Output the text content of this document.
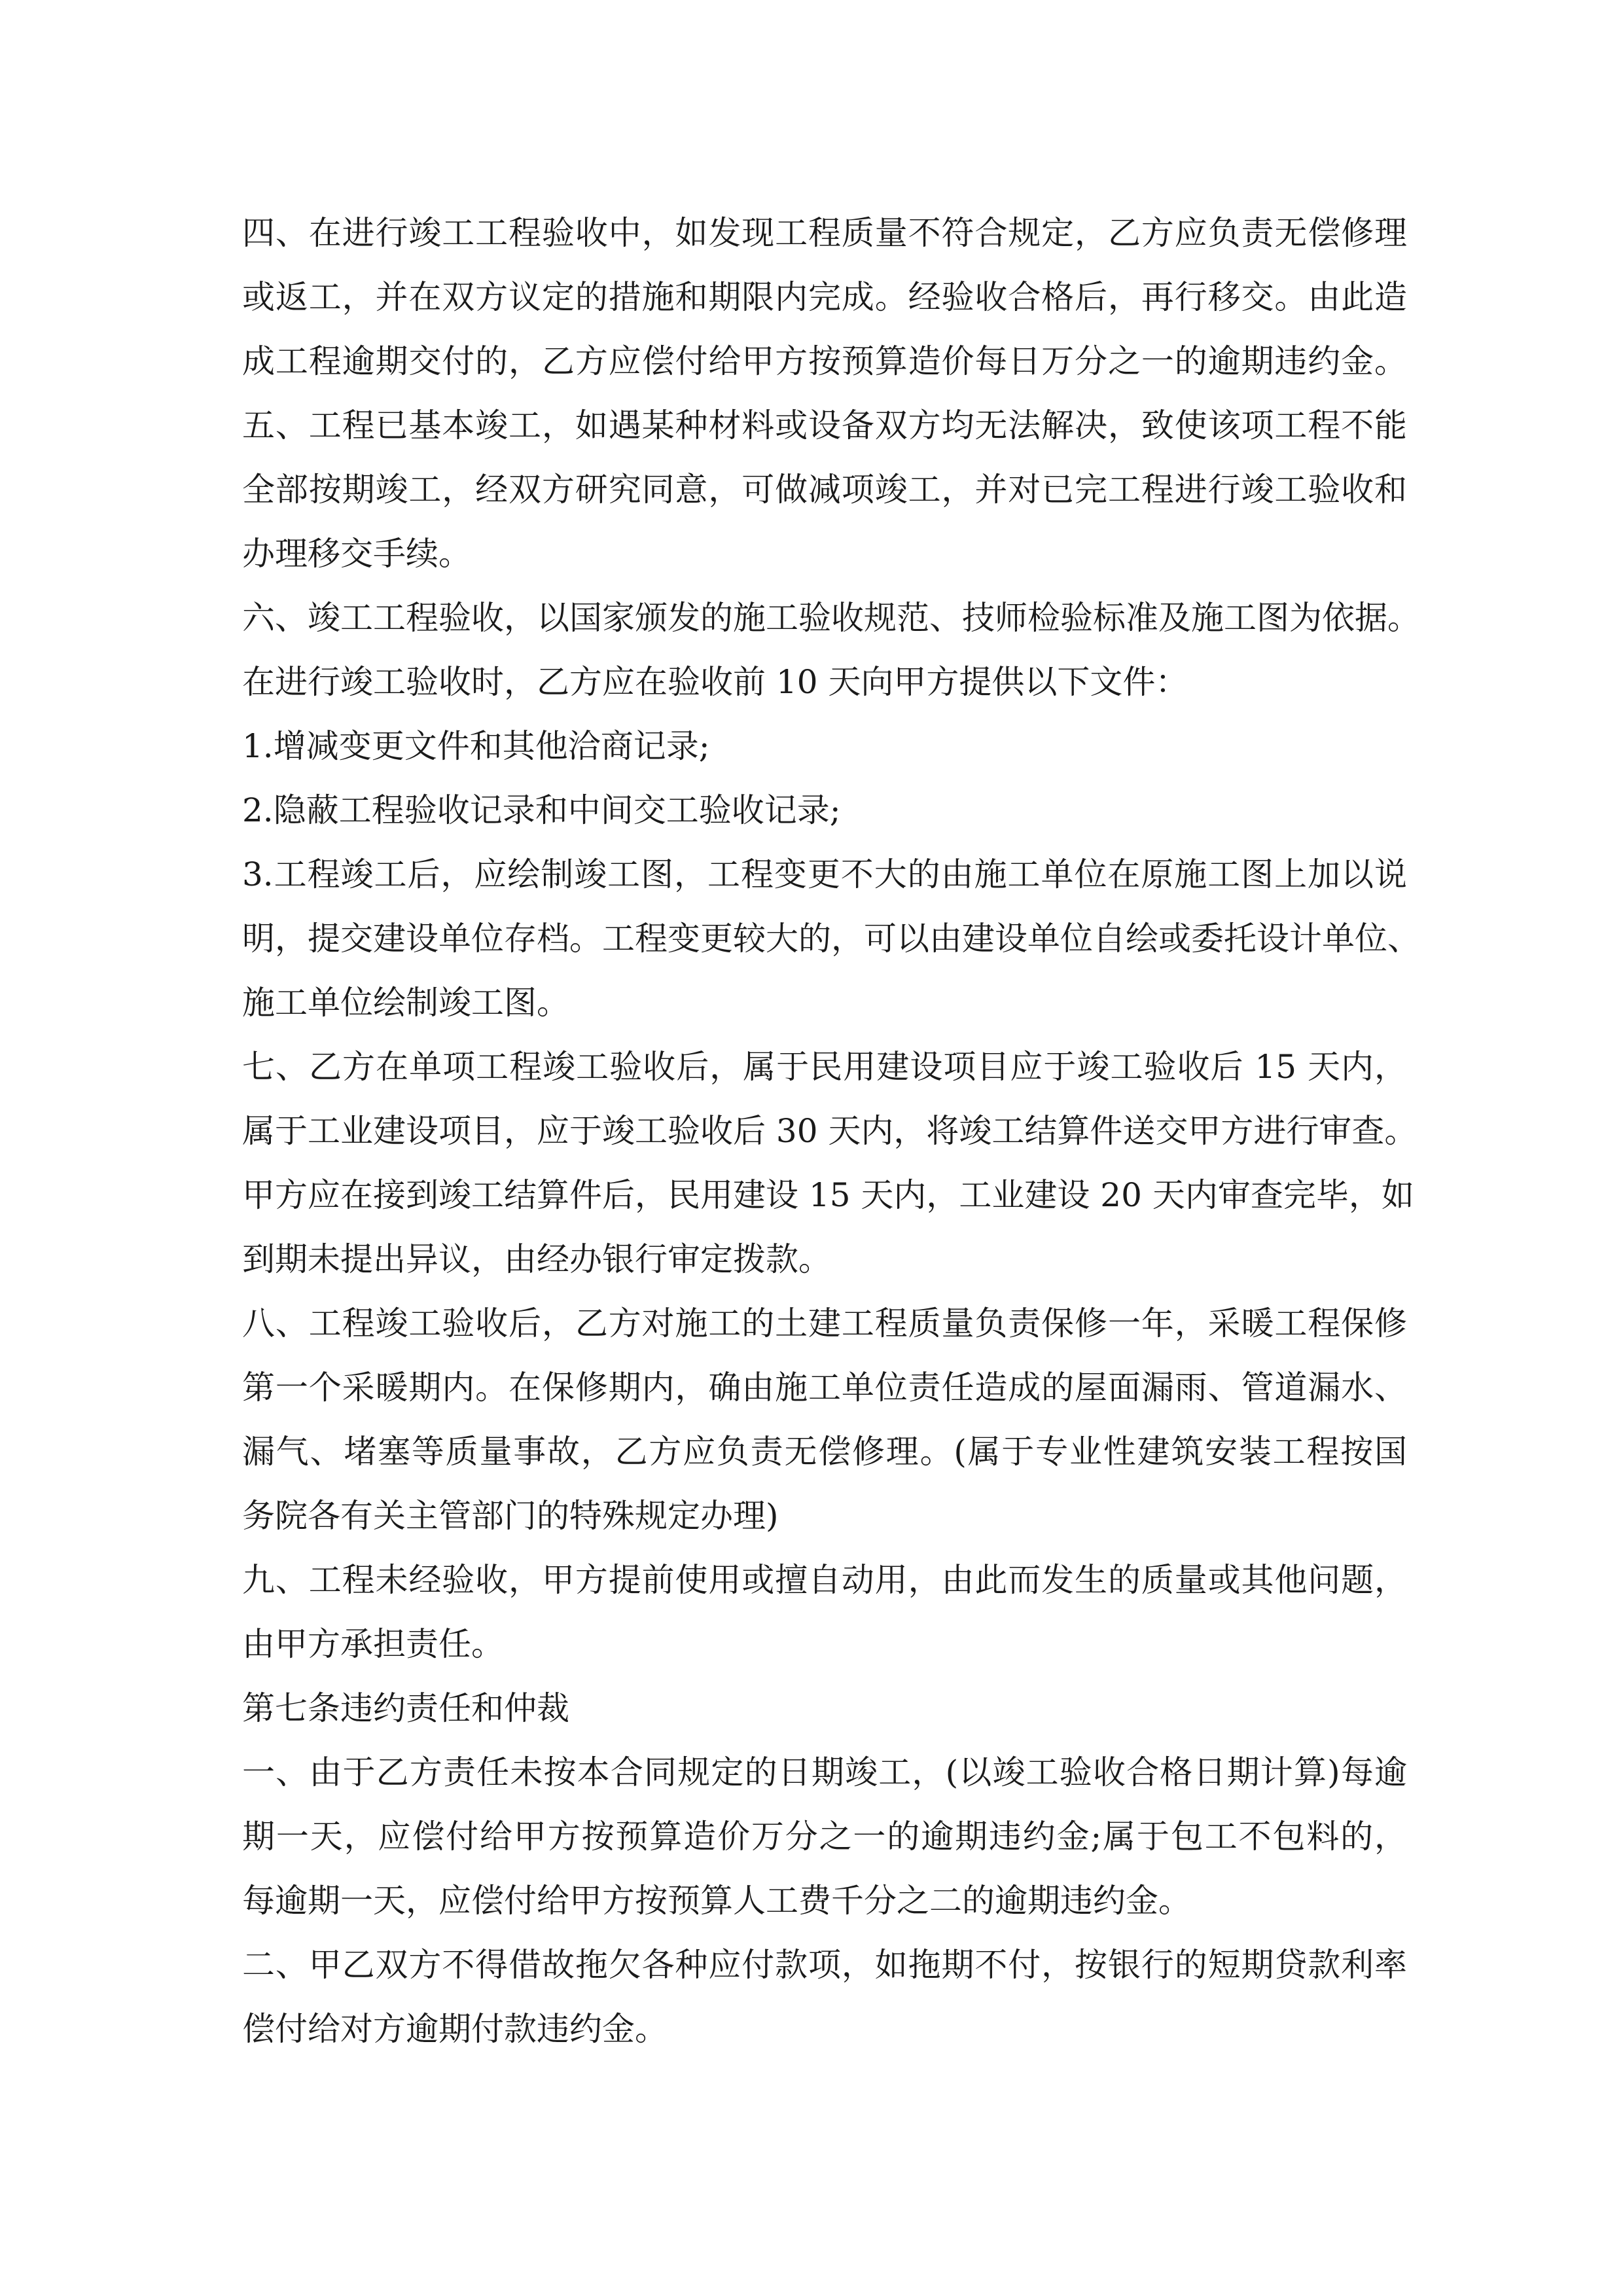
四、在进行竣工工程验收中，如发现工程质量不符合规定，乙方应负责无偿修理
或返工，并在双方议定的措施和期限内完成。经验收合格后，再行移交。由此造
成工程逾期交付的，乙方应偿付给甲方按预算造价每日万分之一的逾期违约金。
五、工程已基本竣工，如遇某种材料或设备双方均无法解决，致使该项工程不能
全部按期竣工，经双方研究同意，可做减项竣工，并对已完工程进行竣工验收和
办理移交手续。
六、竣工工程验收，以国家颁发的施工验收规范、技师检验标准及施工图为依据。
在进行竣工验收时，乙方应在验收前 10 天向甲方提供以下文件：
1.增减变更文件和其他洽商记录;
2.隐蔽工程验收记录和中间交工验收记录;
3.工程竣工后，应绘制竣工图，工程变更不大的由施工单位在原施工图上加以说
明，提交建设单位存档。工程变更较大的，可以由建设单位自绘或委托设计单位、
施工单位绘制竣工图。
七、乙方在单项工程竣工验收后，属于民用建设项目应于竣工验收后 15 天内，
属于工业建设项目，应于竣工验收后 30 天内，将竣工结算件送交甲方进行审查。
甲方应在接到竣工结算件后，民用建设 15 天内，工业建设 20 天内审查完毕，如
到期未提出异议，由经办银行审定拨款。
八、工程竣工验收后，乙方对施工的土建工程质量负责保修一年，采暖工程保修
第一个采暖期内。在保修期内，确由施工单位责任造成的屋面漏雨、管道漏水、
漏气、堵塞等质量事故，乙方应负责无偿修理。(属于专业性建筑安装工程按国
务院各有关主管部门的特殊规定办理)
九、工程未经验收，甲方提前使用或擅自动用，由此而发生的质量或其他问题，
由甲方承担责任。
第七条违约责任和仲裁
一、由于乙方责任未按本合同规定的日期竣工，(以竣工验收合格日期计算)每逾
期一天，应偿付给甲方按预算造价万分之一的逾期违约金;属于包工不包料的，
每逾期一天，应偿付给甲方按预算人工费千分之二的逾期违约金。
二、甲乙双方不得借故拖欠各种应付款项，如拖期不付，按银行的短期贷款利率
偿付给对方逾期付款违约金。
